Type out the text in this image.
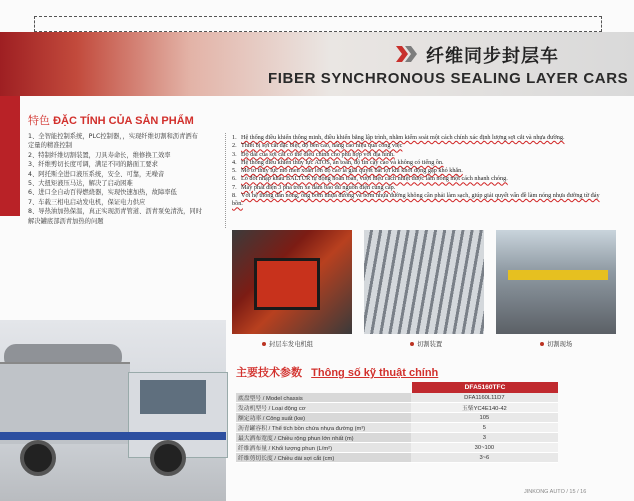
纤维同步封层车
FIBER SYNCHRONOUS SEALING LAYER CARS
特色 ĐẶC TÍNH CỦA SẢN PHẨM
1、全智能控制系统，PLC控制器，，实现纤维切割和沥青洒布
定量的精准控制
2、特制纤维切割装置，刀具寿命长，维修换工效率
3、纤维剪切长度可调，满足不同的路面工要求
4、阿托斯全进口液压系统，安全、可靠，无噪音
5、大扭矩液压马达，解决了启动困难
6、进口全自动百得燃烧器，实现快速加热，故障率低
7、车载三相电启动发电机，保证电力供应
8、导热油加热保温，真正实现沥青管道、沥青泵免清洗，同时
解决罐底部沥青加热的问题
1. Hệ thống điều khiển thông minh, điều khiển bằng lập trình, nhằm kiểm soát một cách chính xác định lượng sợi cắt và nhựa đường.
2. Thiết bị sợi cắt đặc biệt, độ bền cao, nâng cao hiệu quả công việc
3. Độ dài của sợi cắt có thể điều chỉnh cho phù hợp với địa hình.
4. Hệ thống điều khiển thủy lực ATOS, an toàn, độ tin cậy cao và không có tiếng ồn.
5. Mô tơ thủy lực mô men xoắn lớn độ cao lá giải quyết bất lợi khi khởi động gặp khó khăn.
6. Lò đốt nhập khẩu BALTUR tự động hoàn toàn, vượt hiệu cách nhiệt được làm nóng một cách nhanh chóng.
7. Máy phát điện 3 pha trên xe đảm bảo đủ nguồn điện cung cấp.
8. Với hệ thống dẫn nóng, ống bơm nhựa đường và bơm nhựa đường không cần phải làm sạch, giúp giải quyết vấn đề làm nóng nhựa đường từ đáy bồn.
封层车发电机组	切割装置	切割现场
主要技术参数 Thông số kỹ thuật chính
DFA5160TFC
底盘型号 / Model chassis	DFA1160L11D7
发动机型号 / Loại động cơ	玉柴YC4E140-42
额定功率 / Công suất (kw)	105
沥青罐容积 / Thể tích bồn chứa nhựa đường (m³)	5
最大洒布宽度 / Chiều rộng phun lớn nhất (m)	3
纤维洒布量 / Khối lượng phun (L/m²)	30~100
纤维剪切长度 / Chiều dài sợi cắt (cm)	3~6
JINKONG AUTO / 15 / 16
